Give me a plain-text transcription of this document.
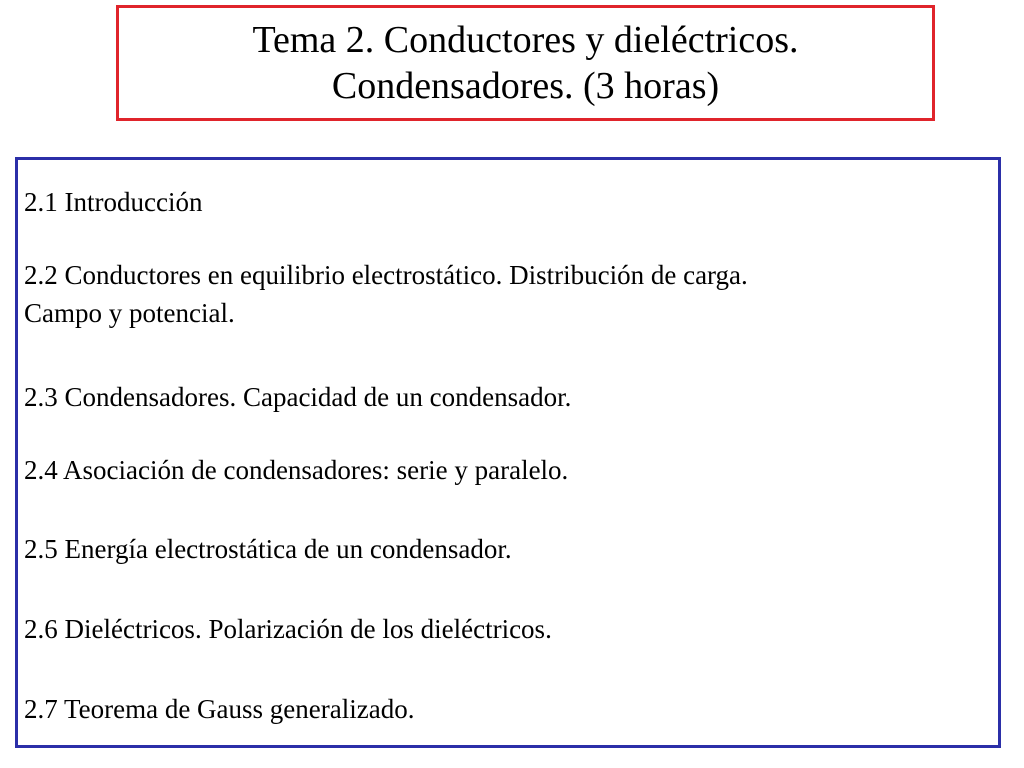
Tema 2. Conductores y dieléctricos.
Condensadores. (3 horas)
2.1 Introducción
2.2 Conductores en equilibrio electrostático. Distribución de carga.
Campo y potencial.
2.3 Condensadores. Capacidad de un condensador.
2.4 Asociación de condensadores: serie y paralelo.
2.5 Energía electrostática de un condensador.
2.6 Dieléctricos. Polarización de los dieléctricos.
2.7 Teorema de Gauss generalizado.
